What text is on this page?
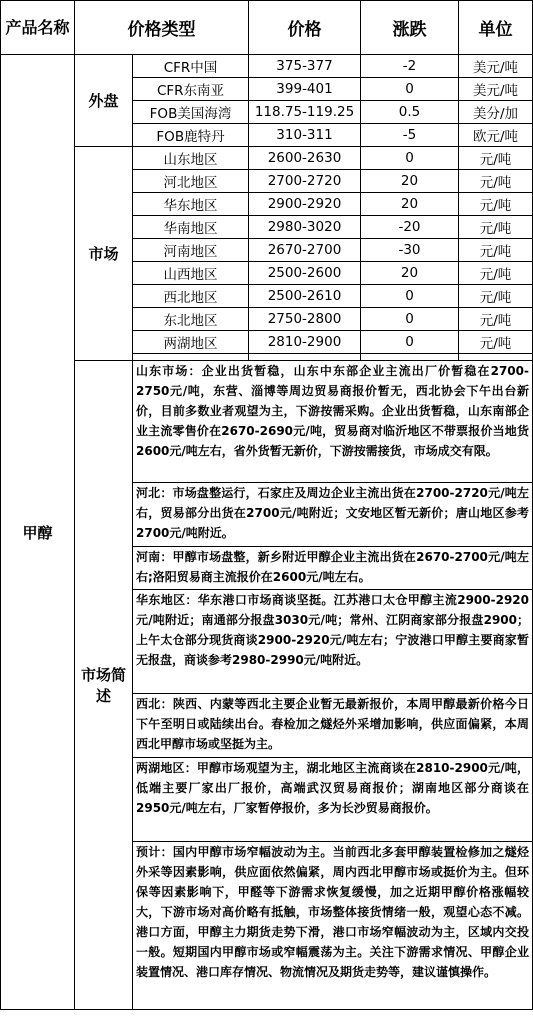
产品名称	价格类型		价格	涨跌	单位
甲醇	外盘	CFR中国	375-377	-2	美元/吨
		CFR东南亚	399-401	0	美元/吨
		FOB美国海湾	118.75-119.25	0.5	美分/加
		FOB鹿特丹	310-311	-5	欧元/吨
	市场	山东地区	2600-2630	0	元/吨
		河北地区	2700-2720	20	元/吨
		华东地区	2900-2920	20	元/吨
		华南地区	2980-3020	-20	元/吨
		河南地区	2670-2700	-30	元/吨
		山西地区	2500-2600	20	元/吨
		西北地区	2500-2610	0	元/吨
		东北地区	2750-2800	0	元/吨
		两湖地区	2810-2900	0	元/吨

	市场简述	山东市场：企业出货暂稳，山东中东部企业主流出厂价暂稳在2700-2750元/吨，东营、淄博等周边贸易商报价暂无，西北协会下午出台新价，目前多数业者观望为主，下游按需采购。企业出货暂稳，山东南部企业主流零售价在2670-2690元/吨，贸易商对临沂地区不带票报价当地货2600元/吨左右，省外货暂无新价，下游按需接货，市场成交有限。			
		河北：市场盘整运行，石家庄及周边企业主流出货在2700-2720元/吨左右，贸易部分出货在2700元/吨附近；文安地区暂无新价；唐山地区参考2700元/吨附近。			
		河南：甲醇市场盘整，新乡附近甲醇企业主流出货在2670-2700元/吨左右;洛阳贸易商主流报价在2600元/吨左右。			
		华东地区：华东港口市场商谈坚挺。江苏港口太仓甲醇主流2900-2920元/吨附近；南通部分报盘3030元/吨；常州、江阴商家部分报盘2900；上午太仓部分现货商谈2900-2920元/吨左右；宁波港口甲醇主要商家暂无报盘，商谈参考2980-2990元/吨附近。			
		西北：陕西、内蒙等西北主要企业暂无最新报价，本周甲醇最新价格今日下午至明日或陆续出台。春检加之燧烃外采增加影响，供应面偏紧，本周西北甲醇市场或坚挺为主。			
		两湖地区：甲醇市场观望为主，湖北地区主流商谈在2810-2900元/吨，低端主要厂家出厂报价，高端武汉贸易商报价；湖南地区部分商谈在2950元/吨左右，厂家暂停报价，多为长沙贸易商报价。			
		预计：国内甲醇市场窄幅波动为主。当前西北多套甲醇装置检修加之燧烃外采等因素影响，供应面依然偏紧，周内西北甲醇市场或挺价为主。但环保等因素影响下，甲醛等下游需求恢复缓慢，加之近期甲醇价格涨幅较大，下游市场对高价略有抵触，市场整体接货情绪一般，观望心态不减。港口方面，甲醇主力期货走势下滑，港口市场窄幅波动为主，区域内交投一般。短期国内甲醇市场或窄幅震荡为主。关注下游需求情况、甲醇企业装置情况、港口库存情况、物流情况及期货走势等，建议谨慎操作。			
